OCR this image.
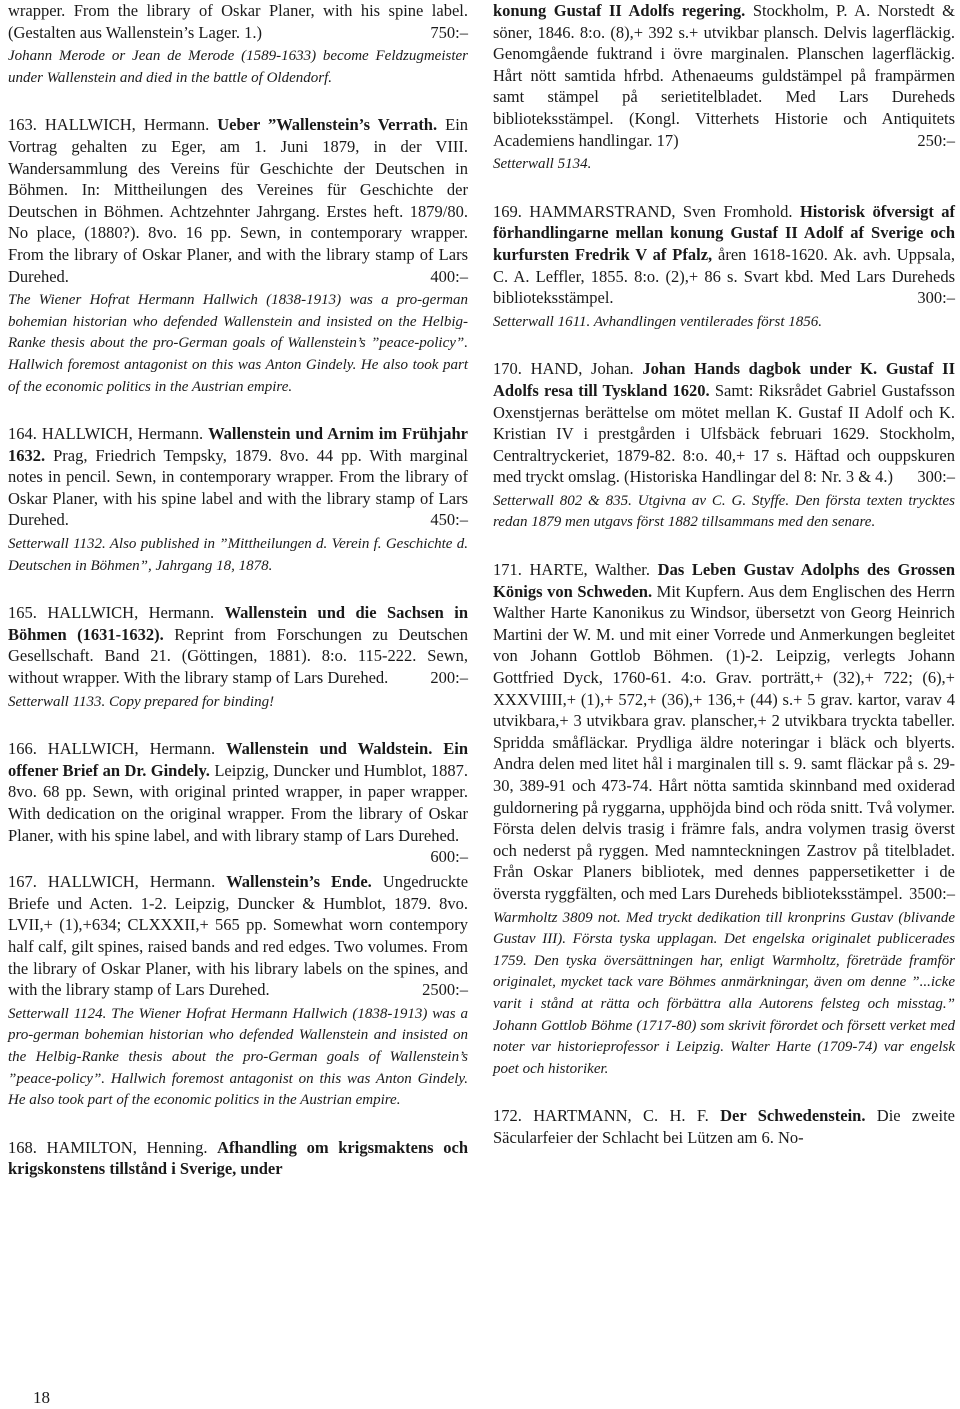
wrapper. From the library of Oskar Planer, with his spine label. (Gestalten aus Wallenstein’s Lager. 1.)	750:–

Johann Merode or Jean de Merode (1589-1633) become Feldzugmeister under Wallenstein and died in the battle of Oldendorf.

163. HALLWICH, Hermann. Ueber ”Wallenstein’s Verrath. Ein Vortrag gehalten zu Eger, am 1. Juni 1879, in der VIII. Wandersammlung des Vereins für Geschichte der Deutschen in Böhmen. In: Mittheilungen des Vereines für Geschichte der Deutschen in Böhmen. Achtzehnter Jahrgang. Erstes heft. 1879/80. No place, (1880?). 8vo. 16 pp. Sewn, in contemporary wrapper. From the library of Oskar Planer, and with the library stamp of Lars Durehed.	400:–

The Wiener Hofrat Hermann Hallwich (1838-1913) was a pro-german bohemian historian who defended Wallenstein and insisted on the Helbig-Ranke thesis about the pro-German goals of Wallenstein’s ”peace-policy”. Hallwich foremost antagonist on this was Anton Gindely. He also took part of the economic politics in the Austrian empire.

164. HALLWICH, Hermann. Wallenstein und Arnim im Frühjahr 1632. Prag, Friedrich Tempsky, 1879. 8vo. 44 pp. With marginal notes in pencil. Sewn, in contemporary wrapper. From the library of Oskar Planer, with his spine label and with the library stamp of Lars Durehed.	450:–

Setterwall 1132. Also published in ”Mittheilungen d. Verein f. Geschichte d. Deutschen in Böhmen”, Jahrgang 18, 1878.

165. HALLWICH, Hermann. Wallenstein und die Sachsen in Böhmen (1631-1632). Reprint from Forschungen zu Deutschen Gesellschaft. Band 21. (Göttingen, 1881). 8:o. 115-222. Sewn, without wrapper. With the library stamp of Lars Durehed.	200:–

Setterwall 1133. Copy prepared for binding!

166. HALLWICH, Hermann. Wallenstein und Waldstein. Ein offener Brief an Dr. Gindely. Leipzig, Duncker und Humblot, 1887. 8vo. 68 pp. Sewn, with original printed wrapper, in paper wrapper. With dedication on the original wrapper. From the library of Oskar Planer, with his spine label, and with library stamp of Lars Durehed.
600:–

167. HALLWICH, Hermann. Wallenstein’s Ende. Ungedruckte Briefe und Acten. 1-2. Leipzig, Duncker & Humblot, 1879. 8vo. LVII,+ (1),+634; CLXXXII,+ 565 pp. Somewhat worn contempory half calf, gilt spines, raised bands and red edges. Two volumes. From the library of Oskar Planer, with his library labels on the spines, and with the library stamp of Lars Durehed.	2500:–

Setterwall 1124. The Wiener Hofrat Hermann Hallwich (1838-1913) was a pro-german bohemian historian who defended Wallenstein and insisted on the Helbig-Ranke thesis about the pro-German goals of Wallenstein’s ”peace-policy”. Hallwich foremost antagonist on this was Anton Gindely. He also took part of the economic politics in the Austrian empire.

168. HAMILTON, Henning. Afhandling om krigsmaktens och krigskonstens tillstånd i Sverige, under

konung Gustaf II Adolfs regering. Stockholm, P. A. Norstedt & söner, 1846. 8:o. (8),+ 392 s.+ utvikbar plansch. Delvis lagerfläckig. Genomgående fuktrand i övre marginalen. Planschen lagerfläckig. Hårt nött samtida hfrbd. Athenaeums guldstämpel på frampärmen samt stämpel på serietitelbladet. Med Lars Dureheds biblioteksstämpel. (Kongl. Vitterhets Historie och Antiquitets Academiens handlingar. 17)	250:–

Setterwall 5134.

169. HAMMARSTRAND, Sven Fromhold. Historisk öfversigt af förhandlingarne mellan konung Gustaf II Adolf af Sverige och kurfursten Fredrik V af Pfalz, åren 1618-1620. Ak. avh. Uppsala, C. A. Leffler, 1855. 8:o. (2),+ 86 s. Svart kbd. Med Lars Dureheds biblioteksstämpel.	300:–

Setterwall 1611. Avhandlingen ventilerades först 1856.

170. HAND, Johan. Johan Hands dagbok under K. Gustaf II Adolfs resa till Tyskland 1620. Samt: Riksrådet Gabriel Gustafsson Oxenstjernas berättelse om mötet mellan K. Gustaf II Adolf och K. Kristian IV i prestgården i Ulfsbäck februari 1629. Stockholm, Centraltryckeriet, 1879-82. 8:o. 40,+ 17 s. Häftad och ouppskuren med tryckt omslag. (Historiska Handlingar del 8: Nr. 3 & 4.) 300:–

Setterwall 802 & 835. Utgivna av C. G. Styffe. Den första texten trycktes redan 1879 men utgavs först 1882 tillsammans med den senare.

171. HARTE, Walther. Das Leben Gustav Adolphs des Grossen Königs von Schweden. Mit Kupfern. Aus dem Englischen des Herrn Walther Harte Kanonikus zu Windsor, übersetzt von Georg Heinrich Martini der W. M. und mit einer Vorrede und Anmerkungen begleitet von Johann Gottlob Böhmen. (1)-2. Leipzig, verlegts Johann Gottfried Dyck, 1760-61. 4:o. Grav. porträtt,+ (32),+ 722; (6),+ XXXVIIII,+ (1),+ 572,+ (36),+ 136,+ (44) s.+ 5 grav. kartor, varav 4 utvikbara,+ 3 utvikbara grav. planscher,+ 2 utvikbara tryckta tabeller. Spridda småfläckar. Prydliga äldre noteringar i bläck och blyerts. Andra delen med litet hål i marginalen till s. 9. samt fläckar på s. 29-30, 389-91 och 473-74. Hårt nötta samtida skinnband med oxiderad guldornering på ryggarna, upphöjda bind och röda snitt. Två volymer. Första delen delvis trasig i främre fals, andra volymen trasig överst och nederst på ryggen. Med namnteckningen Zastrov på titelbladet. Från Oskar Planers bibliotek, med dennes pappersetiketter i de översta ryggfälten, och med Lars Dureheds biblioteksstämpel. 3500:–

Warmholtz 3809 not. Med tryckt dedikation till kronprins Gustav (blivande Gustav III). Första tyska upplagan. Det engelska originalet publicerades 1759. Den tyska översättningen har, enligt Warmholtz, företräde framför originalet, mycket tack vare Böhmes anmärkningar, även om denne ”...icke varit i stånd at rätta och förbättra alla Autorens felsteg och misstag.” Johann Gottlob Böhme (1717-80) som skrivit förordet och försett verket med noter var historieprofessor i Leipzig. Walter Harte (1709-74) var engelsk poet och historiker.

172. HARTMANN, C. H. F. Der Schwedenstein. Die zweite Säcularfeier der Schlacht bei Lützen am 6. No-

18
